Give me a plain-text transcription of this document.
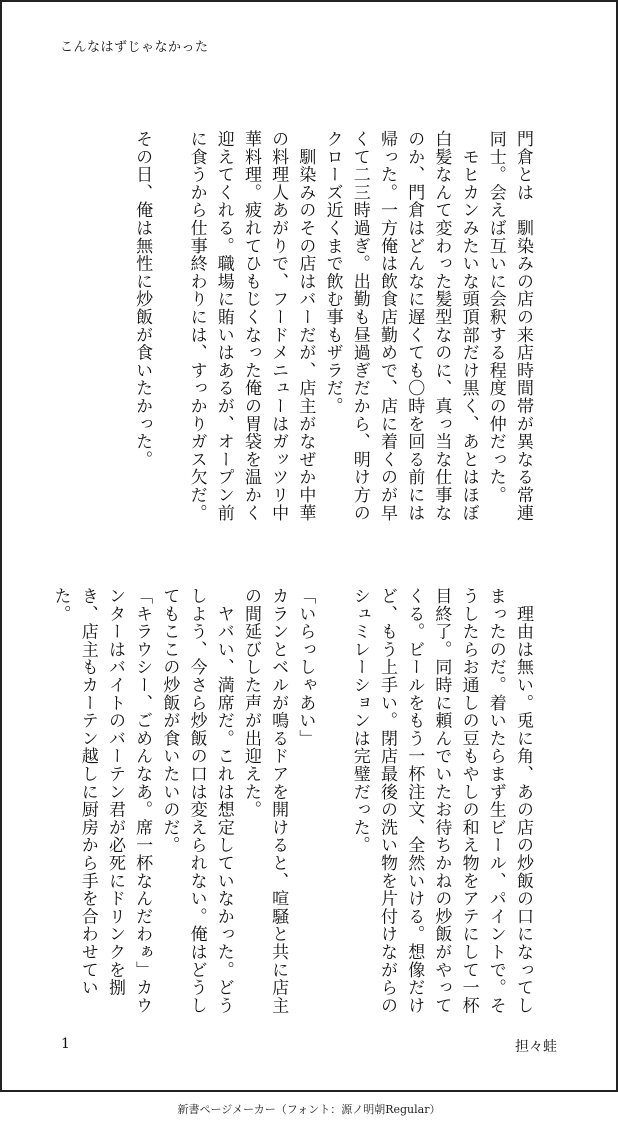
こんなはずじゃなかった
門倉とは　馴染みの店の来店時間帯が異なる常連同士。会えば互いに会釈する程度の仲だった。
　モヒカンみたいな頭頂部だけ黒く、あとはほぼ白髪なんて変わった髪型なのに、真っ当な仕事なのか、門倉はどんなに遅くても〇時を回る前には帰った。一方俺は飲食店勤めで、店に着くのが早くて二三時過ぎ。出勤も昼過ぎだから、明け方のクローズ近くまで飲む事もザラだ。
　馴染みのその店はバーだが、店主がなぜか中華の料理人あがりで、フードメニューはガッツリ中華料理。疲れてひもじくなった俺の胃袋を温かく迎えてくれる。職場に賄いはあるが、オープン前に食うから仕事終わりには、すっかりガス欠だ。
その日、俺は無性に炒飯が食いたかった。
　理由は無い。兎に角、あの店の炒飯の口になってしまったのだ。着いたらまず生ビール、パイントで。そうしたらお通しの豆もやしの和え物をアテにして一杯目終了。同時に頼んでいたお待ちかねの炒飯がやってくる。ビールをもう一杯注文、全然いける。想像だけど、もう上手い。閉店最後の洗い物を片付けながらのシュミレーションは完璧だった。
「いらっしゃあい」
カランとベルが鳴るドアを開けると、喧騒と共に店主の間延びした声が出迎えた。
　ヤバい、満席だ。これは想定していなかった。どうしよう、今さら炒飯の口は変えられない。俺はどうしてもここの炒飯が食いたいのだ。
「キラウシー、ごめんなあ。席一杯なんだわぁ」カウンターはバイトのバーテン君が必死にドリンクを捌き、店主もカーテン越しに厨房から手を合わせていた。
1	担々蛙
新書ページメーカー（フォント：源ノ明朝Regular）
